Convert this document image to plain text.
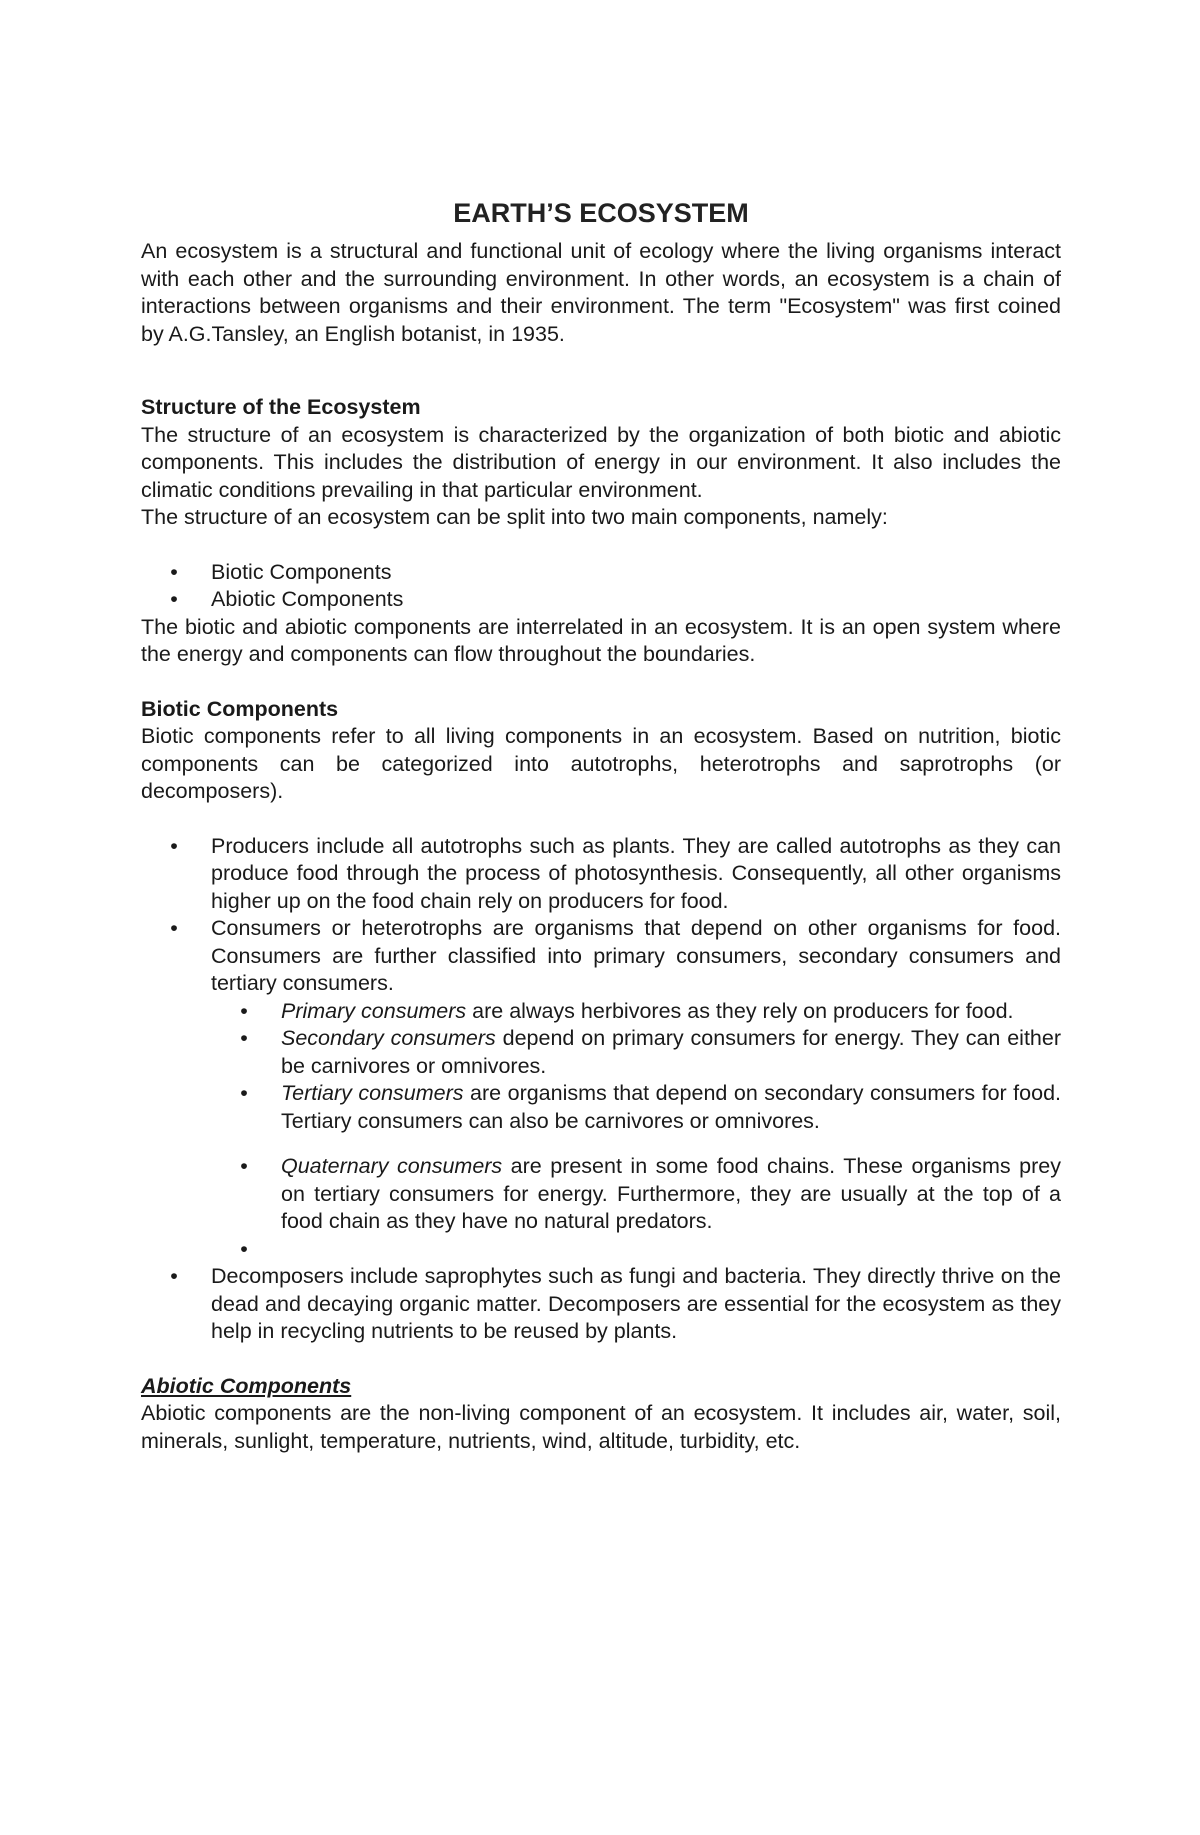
EARTH’S ECOSYSTEM

An ecosystem is a structural and functional unit of ecology where the living organisms interact with each other and the surrounding environment. In other words, an ecosystem is a chain of interactions between organisms and their environment. The term "Ecosystem" was first coined by A.G.Tansley, an English botanist, in 1935.

Structure of the Ecosystem

The structure of an ecosystem is characterized by the organization of both biotic and abiotic components. This includes the distribution of energy in our environment. It also includes the climatic conditions prevailing in that particular environment.

The structure of an ecosystem can be split into two main components, namely:

• Biotic Components
• Abiotic Components

The biotic and abiotic components are interrelated in an ecosystem. It is an open system where the energy and components can flow throughout the boundaries.

Biotic Components

Biotic components refer to all living components in an ecosystem. Based on nutrition, biotic components can be categorized into autotrophs, heterotrophs and saprotrophs (or decomposers).

• Producers include all autotrophs such as plants. They are called autotrophs as they can produce food through the process of photosynthesis. Consequently, all other organisms higher up on the food chain rely on producers for food.
• Consumers or heterotrophs are organisms that depend on other organisms for food. Consumers are further classified into primary consumers, secondary consumers and tertiary consumers.
• Primary consumers are always herbivores as they rely on producers for food.
• Secondary consumers depend on primary consumers for energy. They can either be carnivores or omnivores.
• Tertiary consumers are organisms that depend on secondary consumers for food. Tertiary consumers can also be carnivores or omnivores.
• Quaternary consumers are present in some food chains. These organisms prey on tertiary consumers for energy. Furthermore, they are usually at the top of a food chain as they have no natural predators.
•
• Decomposers include saprophytes such as fungi and bacteria. They directly thrive on the dead and decaying organic matter. Decomposers are essential for the ecosystem as they help in recycling nutrients to be reused by plants.

Abiotic Components

Abiotic components are the non-living component of an ecosystem. It includes air, water, soil, minerals, sunlight, temperature, nutrients, wind, altitude, turbidity, etc.
